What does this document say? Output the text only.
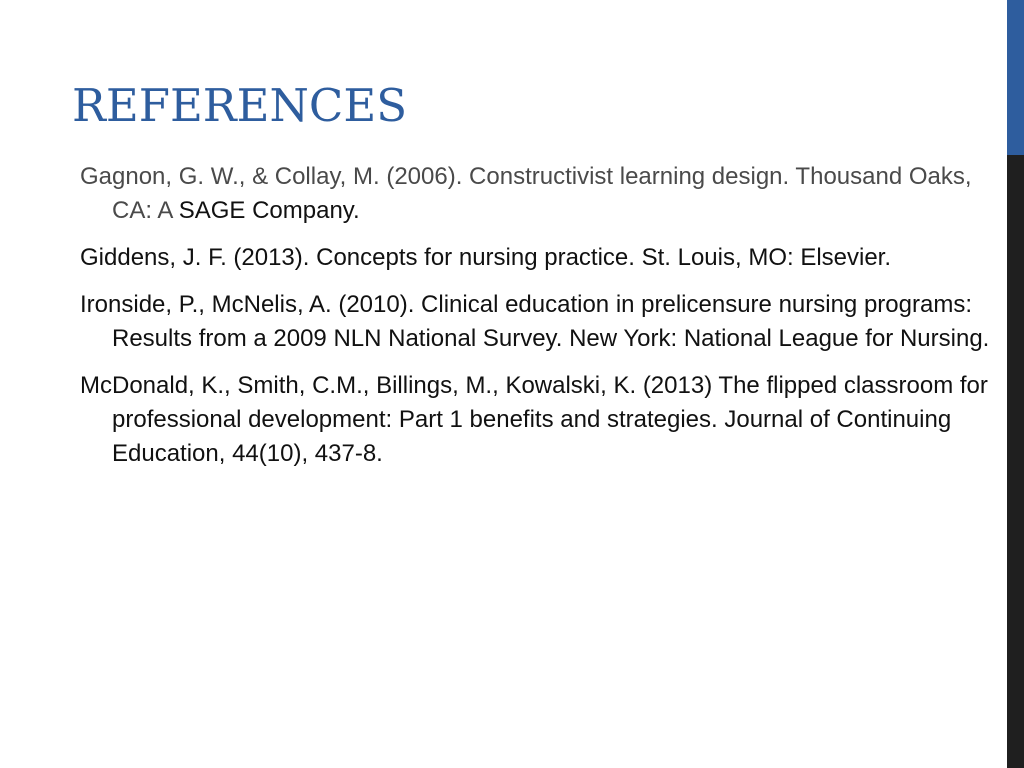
REFERENCES
Gagnon, G. W., & Collay, M. (2006). Constructivist learning design. Thousand Oaks, CA: A SAGE Company.
Giddens, J. F. (2013). Concepts for nursing practice. St. Louis, MO: Elsevier.
Ironside, P., McNelis, A. (2010). Clinical education in prelicensure nursing programs: Results from a 2009 NLN National Survey. New York: National League for Nursing.
McDonald, K., Smith, C.M., Billings, M., Kowalski, K. (2013) The flipped classroom for professional development: Part 1 benefits and strategies. Journal of Continuing Education, 44(10), 437-8.
